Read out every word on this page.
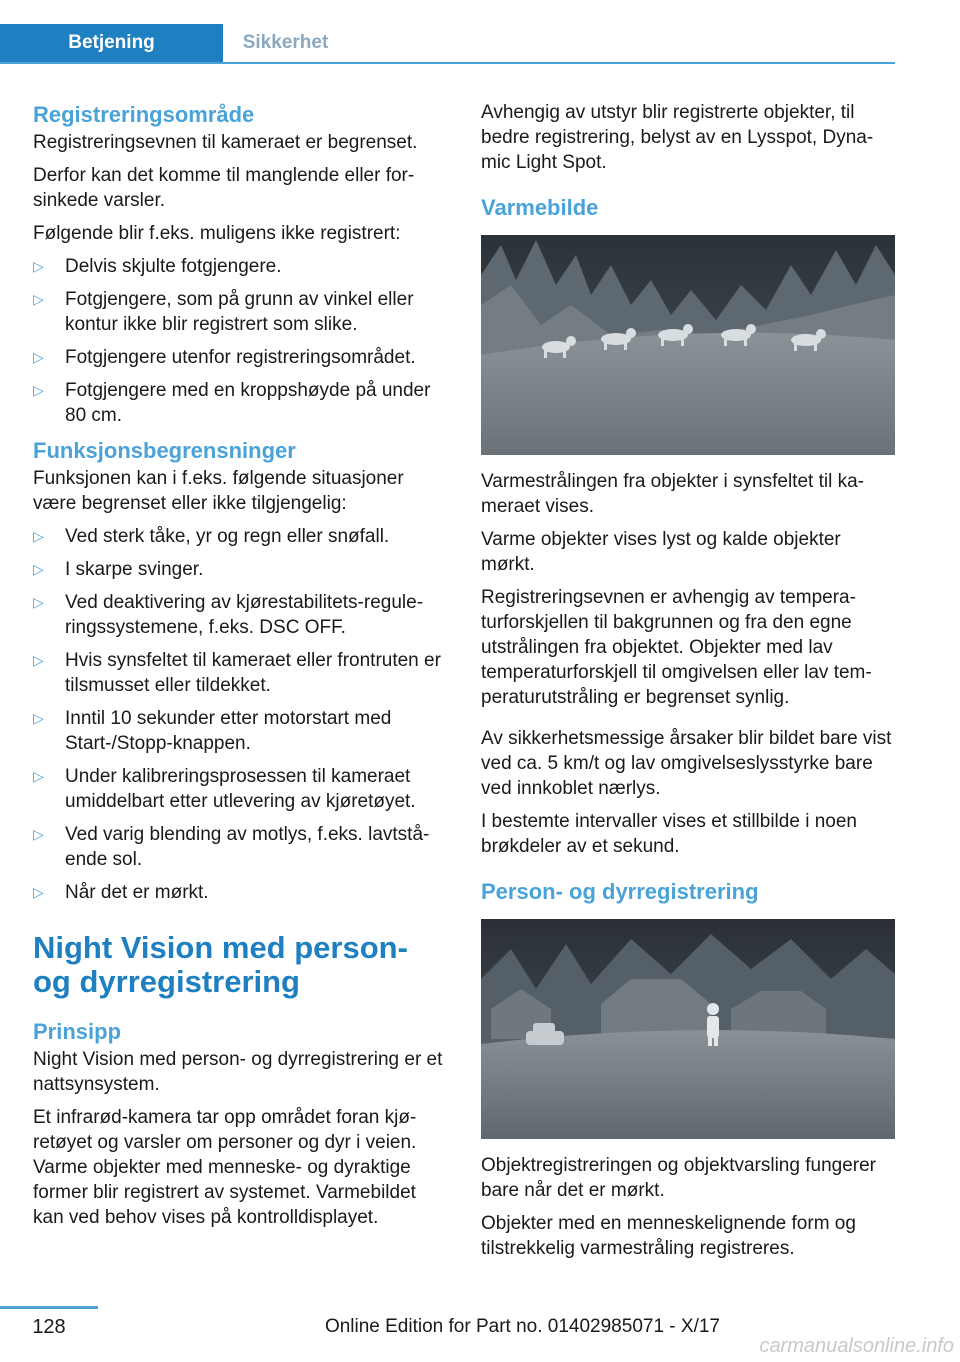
Betjening	Sikkerhet
Registreringsområde

Registreringsevnen til kameraet er begrenset.

Derfor kan det komme til manglende eller forsinkede varsler.

Følgende blir f.eks. muligens ikke registrert:

▷ Delvis skjulte fotgjengere.
▷ Fotgjengere, som på grunn av vinkel eller kontur ikke blir registrert som slike.
▷ Fotgjengere utenfor registreringsområdet.
▷ Fotgjengere med en kroppshøyde på under 80 cm.
Funksjonsbegrensninger

Funksjonen kan i f.eks. følgende situasjoner være begrenset eller ikke tilgjengelig:

▷ Ved sterk tåke, yr og regn eller snøfall.
▷ I skarpe svinger.
▷ Ved deaktivering av kjørestabilitets-reguleringssystemene, f.eks. DSC OFF.
▷ Hvis synsfeltet til kameraet eller frontruten er tilsmusset eller tildekket.
▷ Inntil 10 sekunder etter motorstart med Start-/Stopp-knappen.
▷ Under kalibreringsprosessen til kameraet umiddelbart etter utlevering av kjøretøyet.
▷ Ved varig blending av motlys, f.eks. lavtstående sol.
▷ Når det er mørkt.
Night Vision med person- og dyrregistrering
Prinsipp

Night Vision med person- og dyrregistrering er et nattsynsystem.

Et infrarød-kamera tar opp området foran kjøretøyet og varsler om personer og dyr i veien. Varme objekter med menneske- og dyraktige former blir registrert av systemet. Varmebildet kan ved behov vises på kontrolldisplayet.

Avhengig av utstyr blir registrerte objekter, til bedre registrering, belyst av en Lysspot, Dynamic Light Spot.

Varmebilde

Varmestrålingen fra objekter i synsfeltet til kameraet vises.

Varme objekter vises lyst og kalde objekter mørkt.

Registreringsevnen er avhengig av temperaturforskjellen til bakgrunnen og fra den egne utstrålingen fra objektet. Objekter med lav temperaturforskjell til omgivelsen eller lav temperaturutstråling er begrenset synlig.

Av sikkerhetsmessige årsaker blir bildet bare vist ved ca. 5 km/t og lav omgivelseslysstyrke bare ved innkoblet nærlys.

I bestemte intervaller vises et stillbilde i noen brøkdeler av et sekund.

Person- og dyrregistrering

Objektregistreringen og objektvarsling fungerer bare når det er mørkt.

Objekter med en menneskelignende form og tilstrekkelig varmestråling registreres.

128	Online Edition for Part no. 01402985071 - X/17
carmanualsonline.info
